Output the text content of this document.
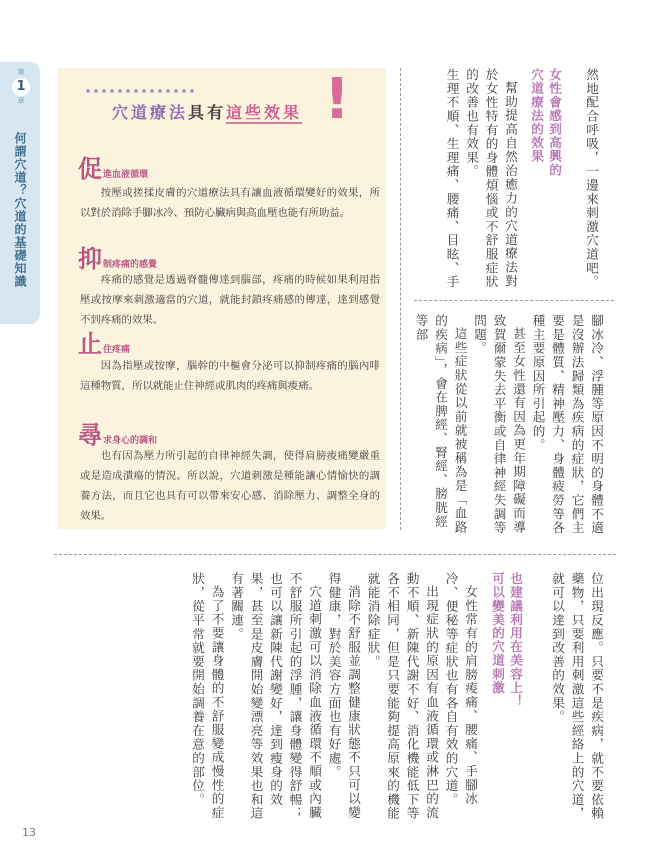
第
1
章
何謂穴道？穴道的基礎知識
穴道療法具有這些效果 !
促進血液循環
按壓或搓揉皮膚的穴道療法具有讓血液循環變好的效果，所以對於消除手腳冰冷、預防心臟病與高血壓也能有所助益。
抑制疼痛的感覺
疼痛的感覺是透過脊髓傳達到腦部，疼痛的時候如果利用指壓或按摩來刺激適當的穴道，就能封鎖疼痛感的傳達，達到感覺不到疼痛的效果。
止住疼痛
因為指壓或按摩，腦幹的中樞會分泌可以抑制疼痛的腦內啡這種物質，所以就能止住神經或肌肉的疼痛與痠痛。
尋求身心的調和
也有因為壓力所引起的自律神經失調，使得肩膀痠痛變嚴重或是造成潰瘍的情況。所以說，穴道刺激是種能讓心情愉快的調養方法，而且它也具有可以帶來安心感、消除壓力、調整全身的效果。

然地配合呼吸，一邊來刺激穴道吧。

女性會感到高興的
穴道療法的效果

幫助提高自然治癒力的穴道療法對於女性特有的身體煩惱或不舒服症狀的改善也有效果。

生理不順、生理痛、腰痛、目眩、手

腳冰冷、浮腫等原因不明的身體不適是沒辦法歸類為疾病的症狀，它們主要是體質、精神壓力、身體疲勞等各種主要原因所引起的。

甚至女性還有因為更年期障礙而導致賀爾蒙失去平衡或自律神經失調等問題。

這些症狀從以前就被稱為是「血路的疾病」，會在脾經、腎經、膀胱經等部

位出現反應。只要不是疾病，就不要依賴藥物，只要利用刺激這些經絡上的穴道，就可以達到改善的效果。

也建議利用在美容上！
可以變美的穴道刺激

女性常有的肩膀痠痛、腰痛、手腳冰冷、便秘等症狀也有各自有效的穴道。

出現症狀的原因有血液循環或淋巴的流動不順、新陳代謝不好、消化機能低下等各不相同，但是只要能夠提高原來的機能就能消除症狀。

消除不舒服並調整健康狀態不只可以變得健康，對於美容方面也有好處。

穴道刺激可以消除血液循環不順或內臟不舒服所引起的浮腫，讓身體變得舒暢；也可以讓新陳代謝變好，達到瘦身的效果，甚至是皮膚開始變漂亮等效果也和這有著關連。

為了不要讓身體的不舒服變成慢性的症狀，從平常就要開始調養在意的部位。

13
